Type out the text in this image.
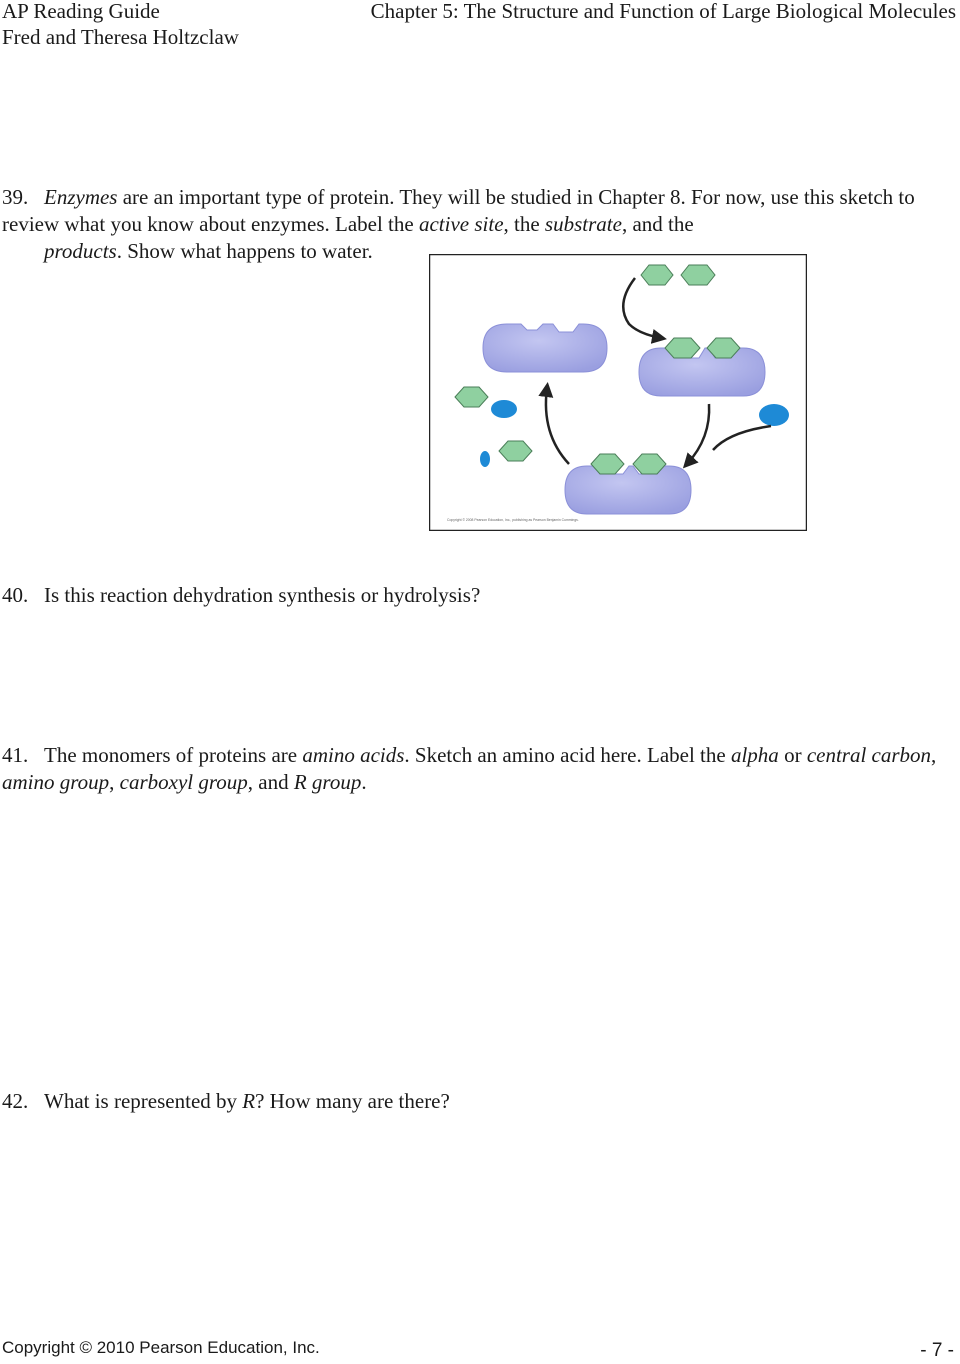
AP Reading Guide
Fred and Theresa Holtzclaw
Chapter 5: The Structure and Function of Large Biological Molecules
39. Enzymes are an important type of protein. They will be studied in Chapter 8. For now, use this sketch to review what you know about enzymes. Label the active site, the substrate, and the
products. Show what happens to water.
Copyright © 2008 Pearson Education, Inc., publishing as Pearson Benjamin Cummings.
40. Is this reaction dehydration synthesis or hydrolysis?
41. The monomers of proteins are amino acids. Sketch an amino acid here. Label the alpha or central carbon, amino group, carboxyl group, and R group.
42. What is represented by R? How many are there?
Copyright © 2010 Pearson Education, Inc.	- 7 -
